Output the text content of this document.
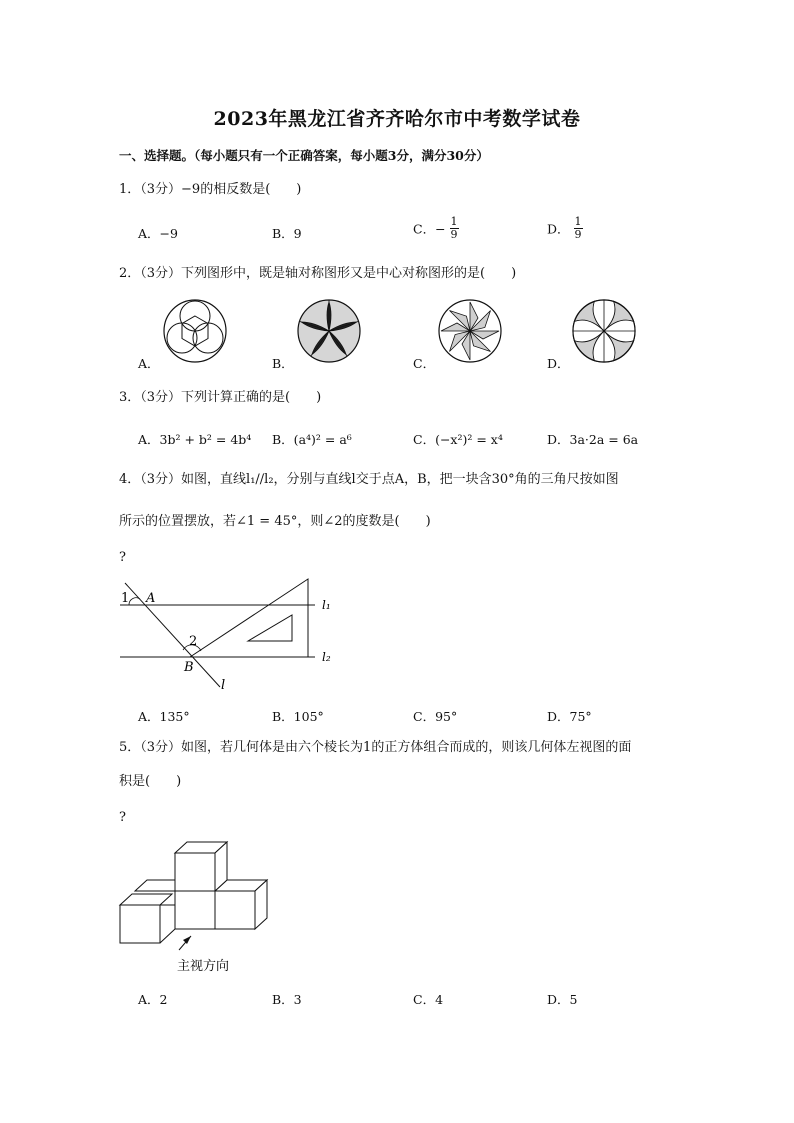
2023年黑龙江省齐齐哈尔市中考数学试卷
一、选择题。（每小题只有一个正确答案，每小题3分，满分30分）
1．（3分）−9的相反数是(　　)
A．−9	B．9	C．− $\frac{1}{9}$	D． $\frac{1}{9}$
2．（3分）下列图形中，既是轴对称图形又是中心对称图形的是(　　)
A．	B．	C．	D．
3．（3分）下列计算正确的是(　　)
A．3b² + b² = 4b⁴ B．(a⁴)² = a⁶	C．(−x²)² = x⁴	D．3a·2a = 6a
4．（3分）如图，直线l₁//l₂，分别与直线l交于点A，B，把一块含30°角的三角尺按如图
所示的位置摆放，若∠1 = 45°，则∠2的度数是(　　)
?
1 A
2
B
l
l₁
l₂
A．135°	B．105°	C．95°	D．75°
5．（3分）如图，若几何体是由六个棱长为1的正方体组合而成的，则该几何体左视图的面
积是(　　)
?
主视方向
A．2	B．3	C．4	D．5
